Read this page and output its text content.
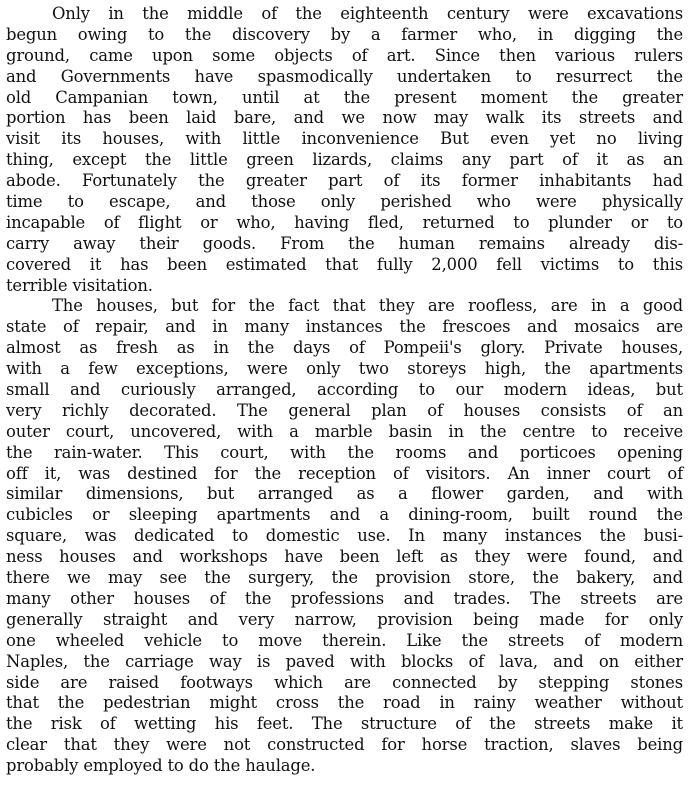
Only in the middle of the eighteenth century were excavations
begun owing to the discovery by a farmer who, in digging the
ground, came upon some objects of art. Since then various rulers
and Governments have spasmodically undertaken to resurrect the
old Campanian town, until at the present moment the greater
portion has been laid bare, and we now may walk its streets and
visit its houses, with little inconvenience But even yet no living
thing, except the little green lizards, claims any part of it as an
abode. Fortunately the greater part of its former inhabitants had
time to escape, and those only perished who were physically
incapable of flight or who, having fled, returned to plunder or to
carry away their goods. From the human remains already dis-
covered it has been estimated that fully 2,000 fell victims to this
terrible visitation.

The houses, but for the fact that they are roofless, are in a good
state of repair, and in many instances the frescoes and mosaics are
almost as fresh as in the days of Pompeii's glory. Private houses,
with a few exceptions, were only two storeys high, the apartments
small and curiously arranged, according to our modern ideas, but
very richly decorated. The general plan of houses consists of an
outer court, uncovered, with a marble basin in the centre to receive
the rain-water. This court, with the rooms and porticoes opening
off it, was destined for the reception of visitors. An inner court of
similar dimensions, but arranged as a flower garden, and with
cubicles or sleeping apartments and a dining-room, built round the
square, was dedicated to domestic use. In many instances the busi-
ness houses and workshops have been left as they were found, and
there we may see the surgery, the provision store, the bakery, and
many other houses of the professions and trades. The streets are
generally straight and very narrow, provision being made for only
one wheeled vehicle to move therein. Like the streets of modern
Naples, the carriage way is paved with blocks of lava, and on either
side are raised footways which are connected by stepping stones
that the pedestrian might cross the road in rainy weather without
the risk of wetting his feet. The structure of the streets make it
clear that they were not constructed for horse traction, slaves being
probably employed to do the haulage.
